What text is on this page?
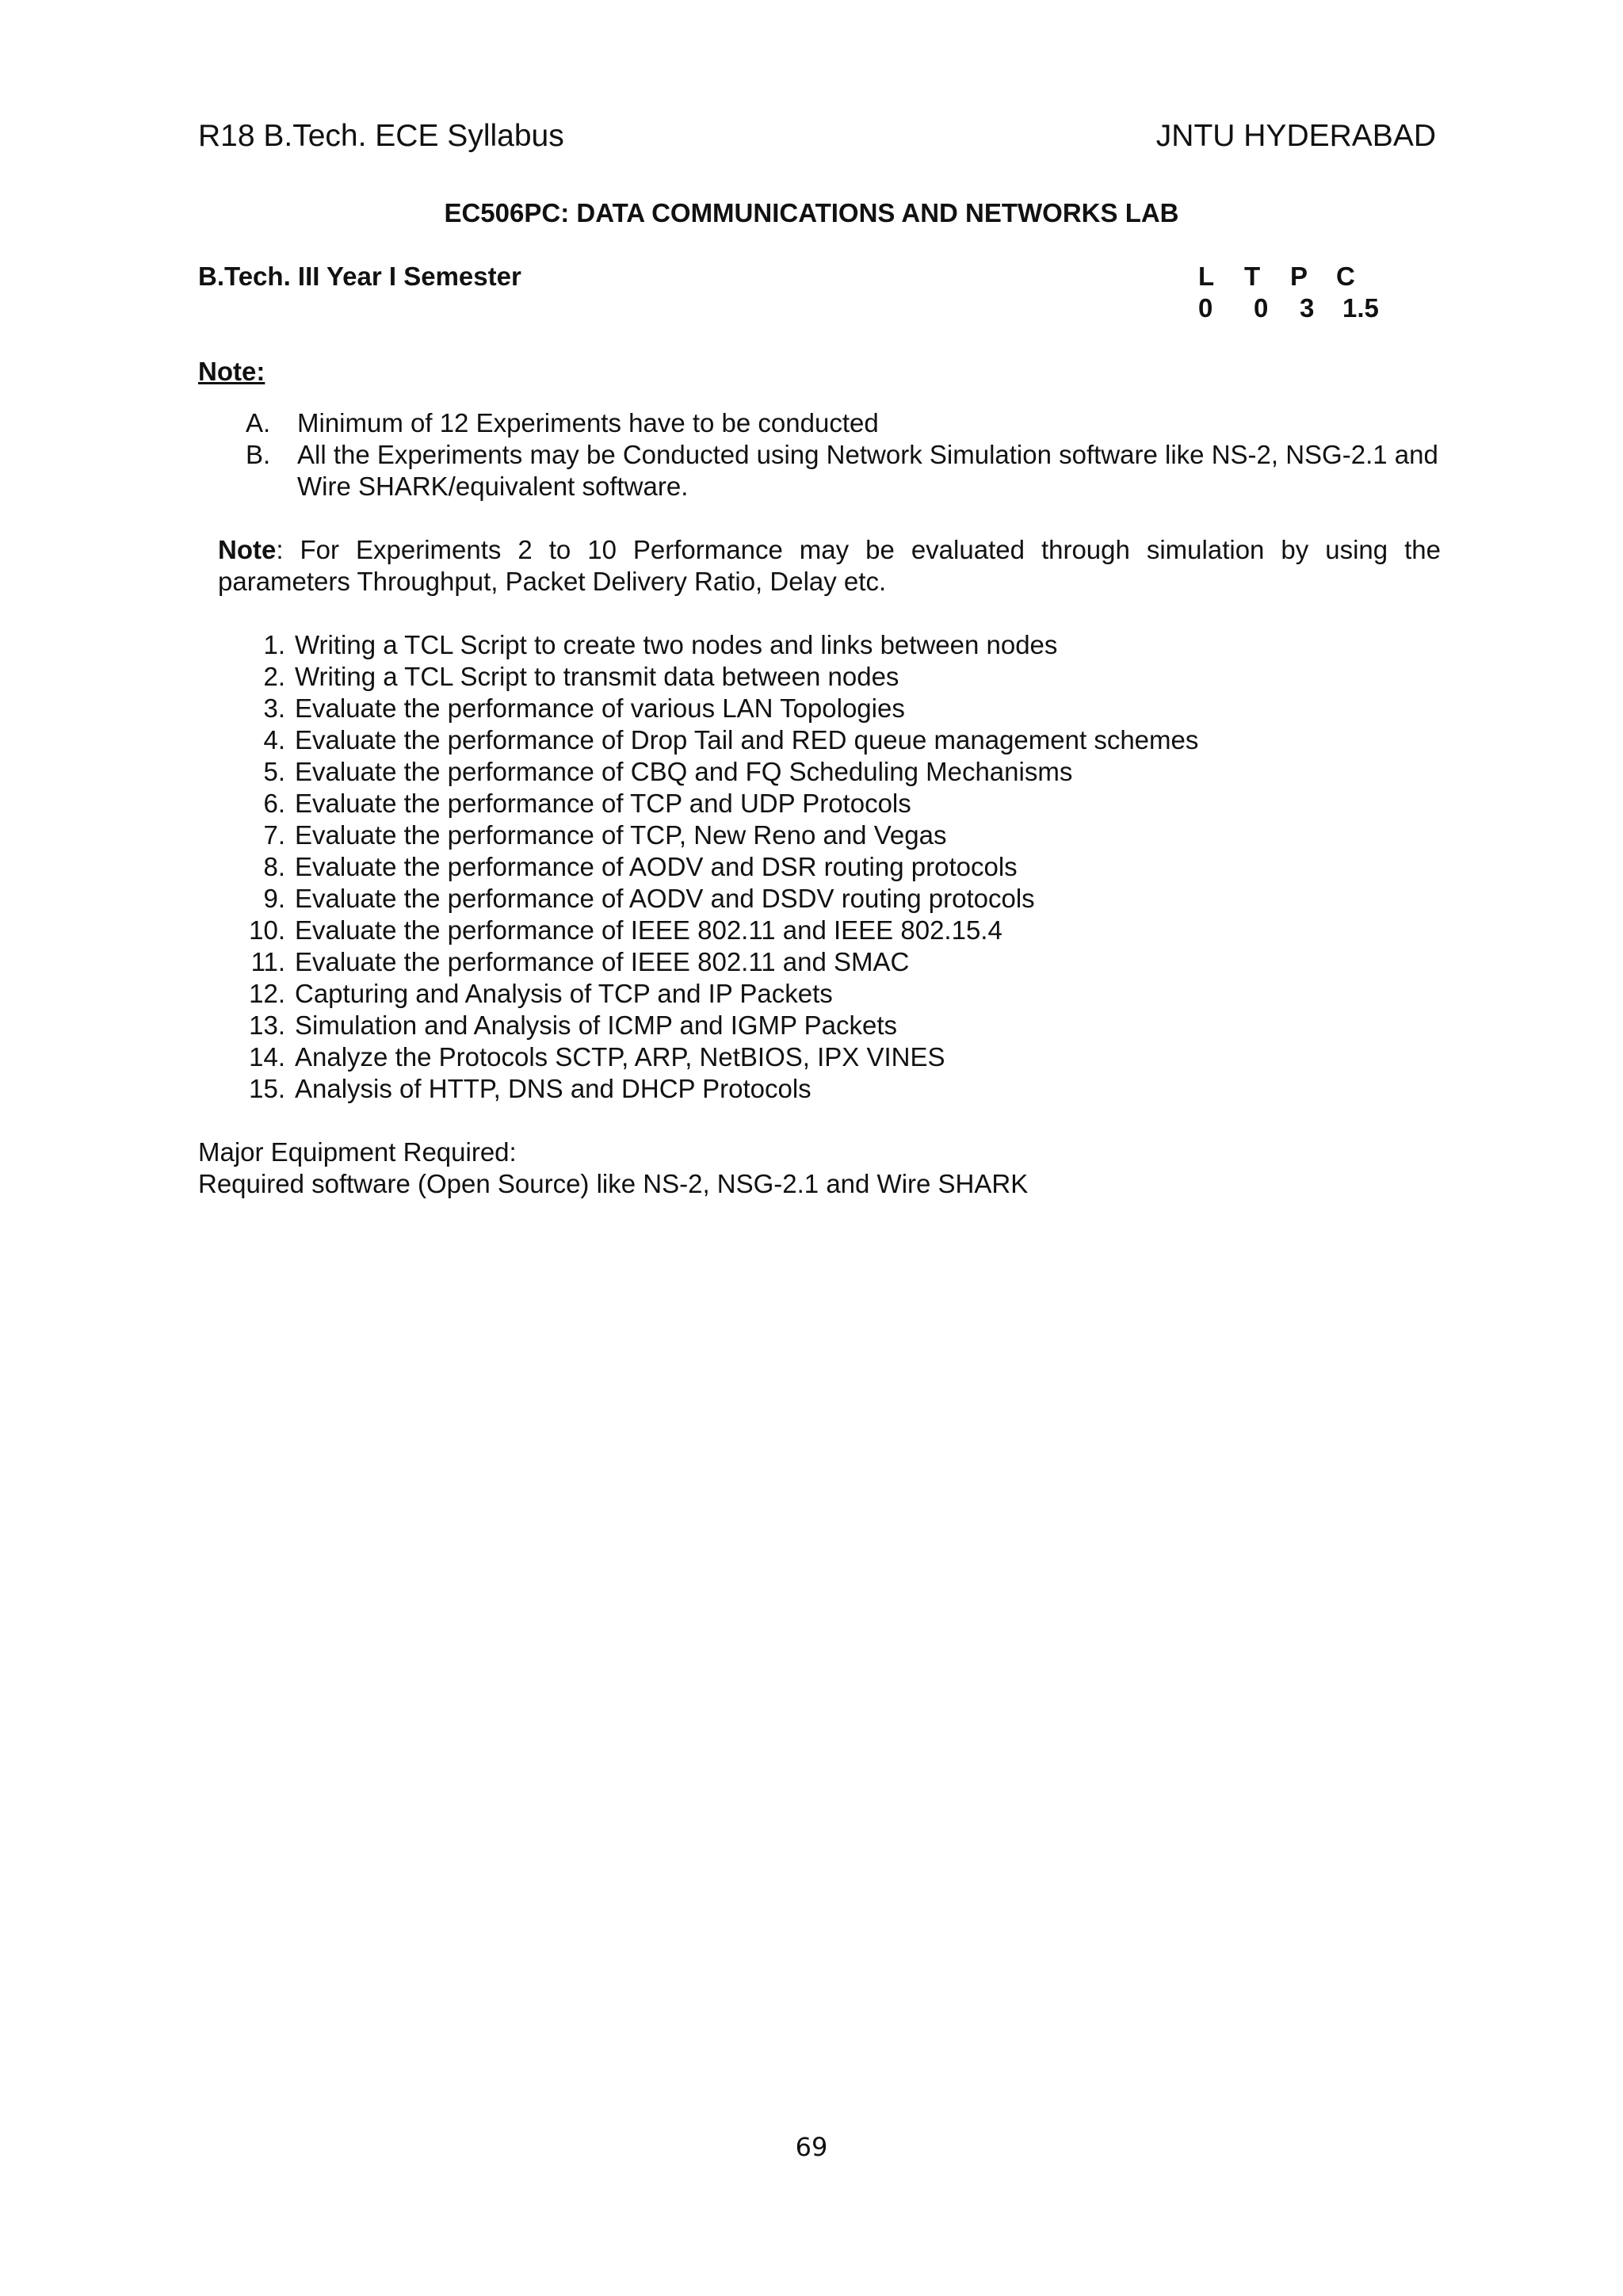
R18 B.Tech. ECE Syllabus	JNTU HYDERABAD
EC506PC: DATA COMMUNICATIONS AND NETWORKS LAB
B.Tech. III Year I Semester	L	T	P	C
0	0	3	1.5
Note:
A.	Minimum of 12 Experiments have to be conducted
B.	All the Experiments may be Conducted using Network Simulation software like NS-2, NSG-2.1 and Wire SHARK/equivalent software.
Note: For Experiments 2 to 10 Performance may be evaluated through simulation by using the parameters Throughput, Packet Delivery Ratio, Delay etc.
1. Writing a TCL Script to create two nodes and links between nodes
2. Writing a TCL Script to transmit data between nodes
3. Evaluate the performance of various LAN Topologies
4. Evaluate the performance of Drop Tail and RED queue management schemes
5. Evaluate the performance of CBQ and FQ Scheduling Mechanisms
6. Evaluate the performance of TCP and UDP Protocols
7. Evaluate the performance of TCP, New Reno and Vegas
8. Evaluate the performance of AODV and DSR routing protocols
9. Evaluate the performance of AODV and DSDV routing protocols
10. Evaluate the performance of IEEE 802.11 and IEEE 802.15.4
11. Evaluate the performance of IEEE 802.11 and SMAC
12. Capturing and Analysis of TCP and IP Packets
13. Simulation and Analysis of ICMP and IGMP Packets
14. Analyze the Protocols SCTP, ARP, NetBIOS, IPX VINES
15. Analysis of HTTP, DNS and DHCP Protocols
Major Equipment Required:
Required software (Open Source) like NS-2, NSG-2.1 and Wire SHARK
69
